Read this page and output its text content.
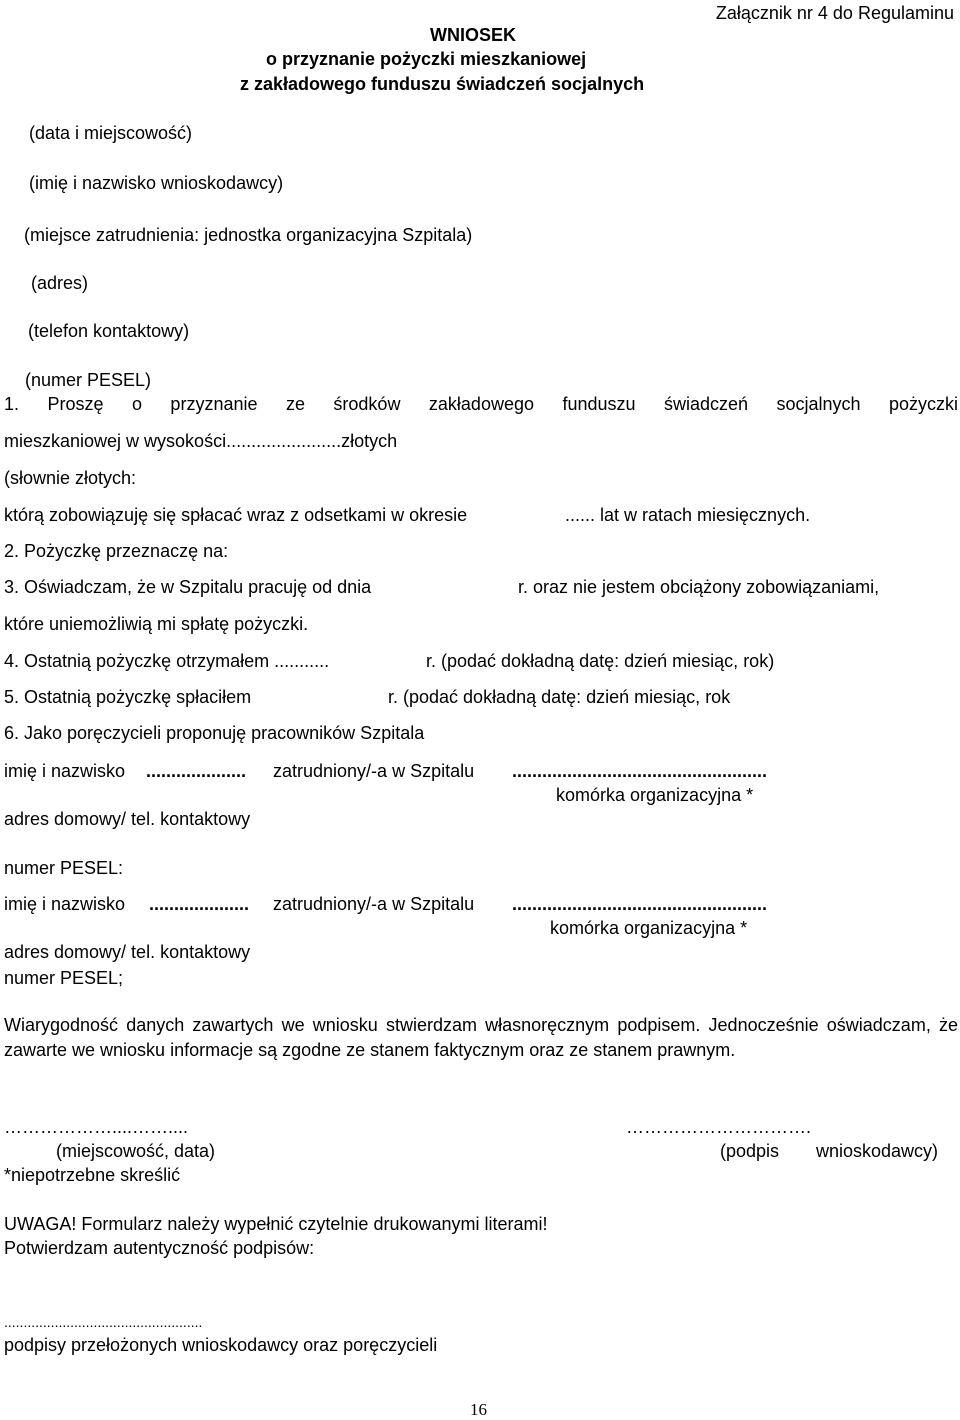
Załącznik nr 4 do Regulaminu
WNIOSEK
o przyznanie pożyczki mieszkaniowej
z zakładowego funduszu świadczeń socjalnych
(data i miejscowość)
(imię i nazwisko wnioskodawcy)
(miejsce zatrudnienia: jednostka organizacyjna Szpitala)
(adres)
(telefon kontaktowy)
(numer PESEL)
1. Proszę o przyznanie ze środków zakładowego funduszu świadczeń socjalnych pożyczki
mieszkaniowej w wysokości.......................złotych
(słownie złotych:
którą zobowiązuję się spłacać wraz z odsetkami w okresie	...... lat w ratach miesięcznych.
2. Pożyczkę przeznaczę na:
3. Oświadczam, że w Szpitalu pracuję od dnia	r. oraz nie jestem obciążony zobowiązaniami,
które uniemożliwią mi spłatę pożyczki.
4. Ostatnią pożyczkę otrzymałem ...........	r. (podać dokładną datę: dzień miesiąc, rok)
5. Ostatnią pożyczkę spłaciłem	r. (podać dokładną datę: dzień miesiąc, rok
6. Jako poręczycieli proponuję pracowników Szpitala
imię i nazwisko .................... zatrudniony/-a w Szpitalu ...................................................
komórka organizacyjna *
adres domowy/ tel. kontaktowy
numer PESEL:
imię i nazwisko .................... zatrudniony/-a w Szpitalu ...................................................
komórka organizacyjna *
adres domowy/ tel. kontaktowy
numer PESEL;
Wiarygodność danych zawartych we wniosku stwierdzam własnoręcznym podpisem. Jednocześnie oświadczam, że zawarte we wniosku informacje są zgodne ze stanem faktycznym oraz ze stanem prawnym.
………………....……....	………………………….
(miejscowość, data)	(podpis wnioskodawcy)
*niepotrzebne skreślić
UWAGA! Formularz należy wypełnić czytelnie drukowanymi literami!
Potwierdzam autentyczność podpisów:
...................................................
podpisy przełożonych wnioskodawcy oraz poręczycieli
16
